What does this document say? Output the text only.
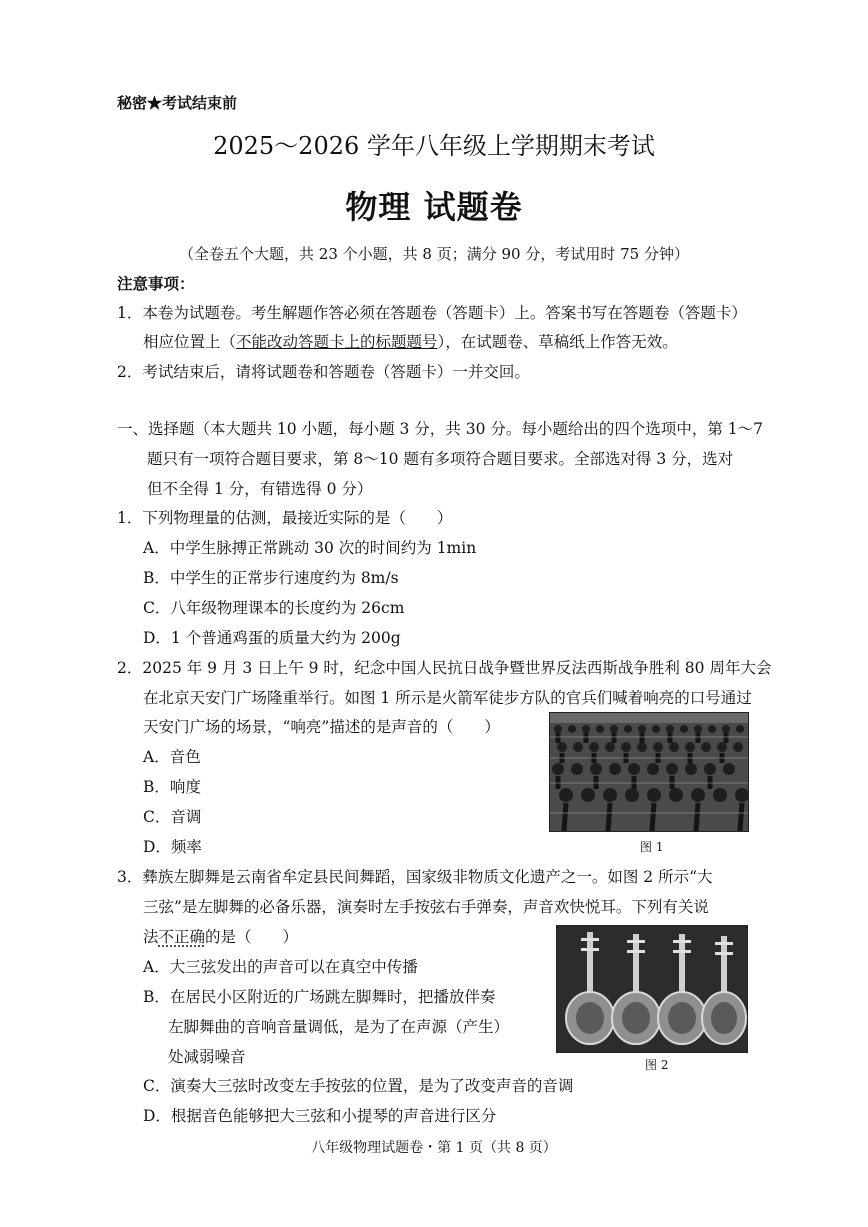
秘密★考试结束前
2025～2026 学年八年级上学期期末考试
物理 试题卷
（全卷五个大题，共 23 个小题，共 8 页；满分 90 分，考试用时 75 分钟）
注意事项：
1．本卷为试题卷。考生解题作答必须在答题卷（答题卡）上。答案书写在答题卷（答题卡）
相应位置上（不能改动答题卡上的标题题号），在试题卷、草稿纸上作答无效。
2．考试结束后，请将试题卷和答题卷（答题卡）一并交回。
一、选择题（本大题共 10 小题，每小题 3 分，共 30 分。每小题给出的四个选项中，第 1～7
题只有一项符合题目要求，第 8～10 题有多项符合题目要求。全部选对得 3 分，选对
但不全得 1 分，有错选得 0 分）
1．下列物理量的估测，最接近实际的是（　　）
A．中学生脉搏正常跳动 30 次的时间约为 1min
B．中学生的正常步行速度约为 8m/s
C．八年级物理课本的长度约为 26cm
D．1 个普通鸡蛋的质量大约为 200g
2．2025 年 9 月 3 日上午 9 时，纪念中国人民抗日战争暨世界反法西斯战争胜利 80 周年大会
在北京天安门广场隆重举行。如图 1 所示是火箭军徒步方队的官兵们喊着响亮的口号通过
天安门广场的场景，“响亮”描述的是声音的（　　）
A．音色
B．响度
C．音调
D．频率	图 1
3．彝族左脚舞是云南省牟定县民间舞蹈，国家级非物质文化遗产之一。如图 2 所示“大
三弦”是左脚舞的必备乐器，演奏时左手按弦右手弹奏，声音欢快悦耳。下列有关说
法不正确的是（　　）
A．大三弦发出的声音可以在真空中传播
B．在居民小区附近的广场跳左脚舞时，把播放伴奏
左脚舞曲的音响音量调低，是为了在声源（产生）
处减弱噪音	图 2
C．演奏大三弦时改变左手按弦的位置，是为了改变声音的音调
D．根据音色能够把大三弦和小提琴的声音进行区分
八年级物理试题卷・第 1 页（共 8 页）
